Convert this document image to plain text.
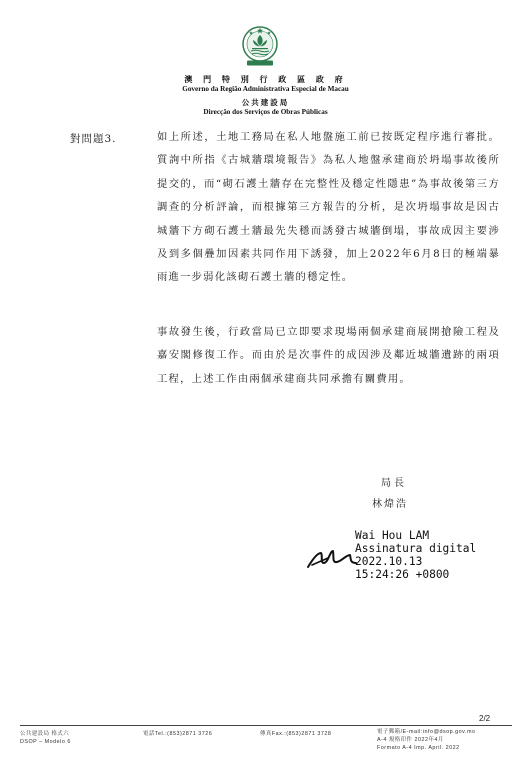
澳 門 特 別 行 政 區 政 府
Governo da Região Administrativa Especial de Macau
公共建設局
Direcção dos Serviços de Obras Públicas
對問題3.	如上所述，土地工務局在私人地盤施工前已按既定程序進行審批。質詢中所指《古城牆環境報告》為私人地盤承建商於坍塌事故後所提交的，而“砌石護土牆存在完整性及穩定性隱患”為事故後第三方調查的分析評論，而根據第三方報告的分析，是次坍塌事故是因古城牆下方砌石護土牆最先失穩而誘發古城牆倒塌，事故成因主要涉及到多個疊加因素共同作用下誘發，加上2022年6月8日的極端暴雨進一步弱化該砌石護土牆的穩定性。
事故發生後，行政當局已立即要求現場兩個承建商展開搶險工程及嘉安閣修復工作。而由於是次事件的成因涉及鄰近城牆遺跡的兩項工程，上述工作由兩個承建商共同承擔有關費用。
局長
林煒浩
Wai Hou LAM
Assinatura digital
2022.10.13
15:24:26 +0800
2/2
公共建設局 格式六
DSOP – Modelo 6
電話Tel.:(853)2871 3726	傳真Fax.:(853)2871 3728	電子郵箱/E-mail:info@dsop.gov.mo
A-4 規格印件 2022年4月
Formato A-4 Imp. April. 2022
